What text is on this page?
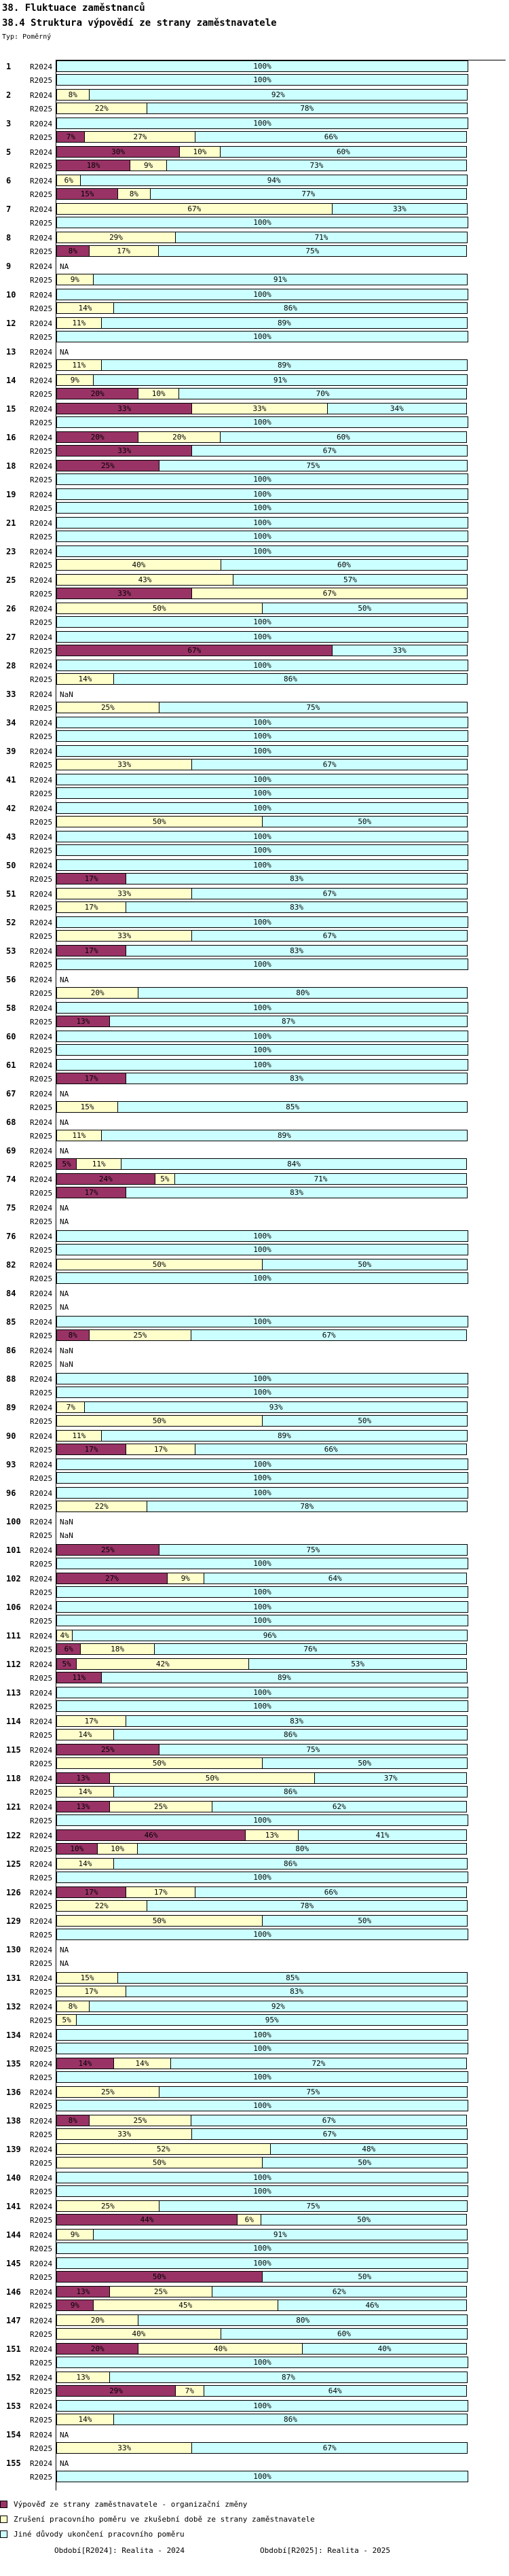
38. Fluktuace zaměstnanců
38.4 Struktura výpovědí ze strany zaměstnavatele
Typ: Poměrný
1	R2024	100%
R2025	100%
2	R2024	8%	92%
R2025	22%	78%
3	R2024	100%
R2025	7%	27%	66%
5	R2024	30%	10%	60%
R2025	18%	9%	73%
6	R2024	6%	94%
R2025	15%	8%	77%
7	R2024	67%	33%
R2025	100%
8	R2024	29%	71%
R2025	8%	17%	75%
9	R2024 NA
R2025	9%	91%
10 R2024	100%
R2025	14%	86%
12 R2024	11%	89%
R2025	100%
13 R2024 NA
R2025	11%	89%
14 R2024	9%	91%
R2025	20%	10%	70%
15 R2024	33%	33%	34%
R2025	100%
16 R2024	20%	20%	60%
R2025	33%	67%
18 R2024	25%	75%
R2025	100%
19 R2024	100%
R2025	100%
21 R2024	100%
R2025	100%
23 R2024	100%
R2025	40%	60%
25 R2024	43%	57%
R2025	33%	67%
26 R2024	50%	50%
R2025	100%
27 R2024	100%
R2025	67%	33%
28 R2024	100%
R2025	14%	86%
33 R2024 NaN
R2025	25%	75%
34 R2024	100%
R2025	100%
39 R2024	100%
R2025	33%	67%
41 R2024	100%
R2025	100%
42 R2024	100%
R2025	50%	50%
43 R2024	100%
R2025	100%
50 R2024	100%
R2025	17%	83%
51 R2024	33%	67%
R2025	17%	83%
52 R2024	100%
R2025	33%	67%
53 R2024	17%	83%
R2025	100%
56 R2024 NA
R2025	20%	80%
58 R2024	100%
R2025	13%	87%
60 R2024	100%
R2025	100%
61 R2024	100%
R2025	17%	83%
67 R2024 NA
R2025	15%	85%
68 R2024 NA
R2025	11%	89%
69 R2024 NA
R2025	5%	11%	84%
74 R2024	24%	5%	71%
R2025	17%	83%
75 R2024 NA
R2025 NA
76 R2024	100%
R2025	100%
82 R2024	50%	50%
R2025	100%
84 R2024 NA
R2025 NA
85 R2024	100%
R2025	8%	25%	67%
86 R2024 NaN
R2025 NaN
88 R2024	100%
R2025	100%
89 R2024	7%	93%
R2025	50%	50%
90 R2024	11%	89%
R2025	17%	17%	66%
93 R2024	100%
R2025	100%
96 R2024	100%
R2025	22%	78%
100 R2024 NaN
R2025 NaN
101 R2024	25%	75%
R2025	100%
102 R2024	27%	9%	64%
R2025	100%
106 R2024	100%
R2025	100%
111 R2024	4%	96%
R2025	6%	18%	76%
112 R2024	5%	42%	53%
R2025	11%	89%
113 R2024	100%
R2025	100%
114 R2024	17%	83%
R2025	14%	86%
115 R2024	25%	75%
R2025	50%	50%
118 R2024	13%	50%	37%
R2025	14%	86%
121 R2024	13%	25%	62%
R2025	100%
122 R2024	46%	13%	41%
R2025	10%	10%	80%
125 R2024	14%	86%
R2025	100%
126 R2024	17%	17%	66%
R2025	22%	78%
129 R2024	50%	50%
R2025	100%
130 R2024 NA
R2025 NA
131 R2024	15%	85%
R2025	17%	83%
132 R2024	8%	92%
R2025	5%	95%
134 R2024	100%
R2025	100%
135 R2024	14%	14%	72%
R2025	100%
136 R2024	25%	75%
R2025	100%
138 R2024	8%	25%	67%
R2025	33%	67%
139 R2024	52%	48%
R2025	50%	50%
140 R2024	100%
R2025	100%
141 R2024	25%	75%
R2025	44%	6%	50%
144 R2024	9%	91%
R2025	100%
145 R2024	100%
R2025	50%	50%
146 R2024	13%	25%	62%
R2025	9%	45%	46%
147 R2024	20%	80%
R2025	40%	60%
151 R2024	20%	40%	40%
R2025	100%
152 R2024	13%	87%
R2025	29%	7%	64%
153 R2024	100%
R2025	14%	86%
154 R2024 NA
R2025	33%	67%
155 R2024 NA
R2025	100%
Výpověď ze strany zaměstnavatele - organizační změny
Zrušení pracovního poměru ve zkušební době ze strany zaměstnavatele
Jiné důvody ukončení pracovního poměru
Období[R2024]: Realita - 2024	Období[R2025]: Realita - 2025
